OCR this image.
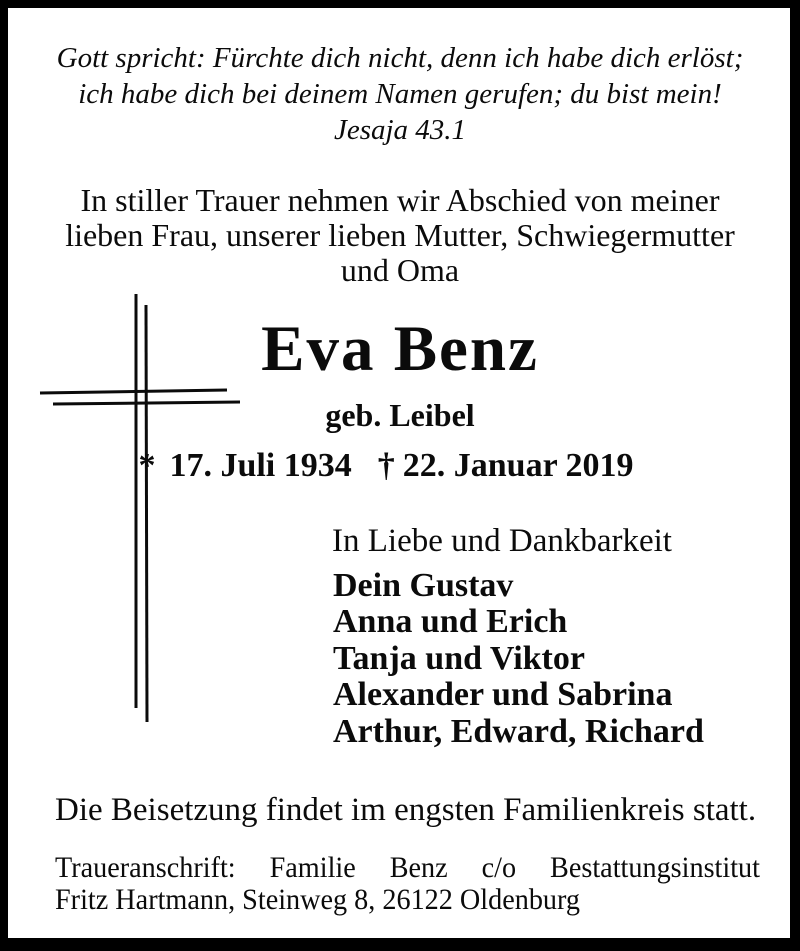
Gott spricht: Fürchte dich nicht, denn ich habe dich erlöst;
ich habe dich bei deinem Namen gerufen; du bist mein!
Jesaja 43.1
In stiller Trauer nehmen wir Abschied von meiner
lieben Frau, unserer lieben Mutter, Schwiegermutter
und Oma
Eva Benz
geb. Leibel
* 17. Juli 1934 † 22. Januar 2019
In Liebe und Dankbarkeit
Dein Gustav
Anna und Erich
Tanja und Viktor
Alexander und Sabrina
Arthur, Edward, Richard
Die Beisetzung findet im engsten Familienkreis statt.
Traueranschrift: Familie Benz c/o Bestattungsinstitut
Fritz Hartmann, Steinweg 8, 26122 Oldenburg
